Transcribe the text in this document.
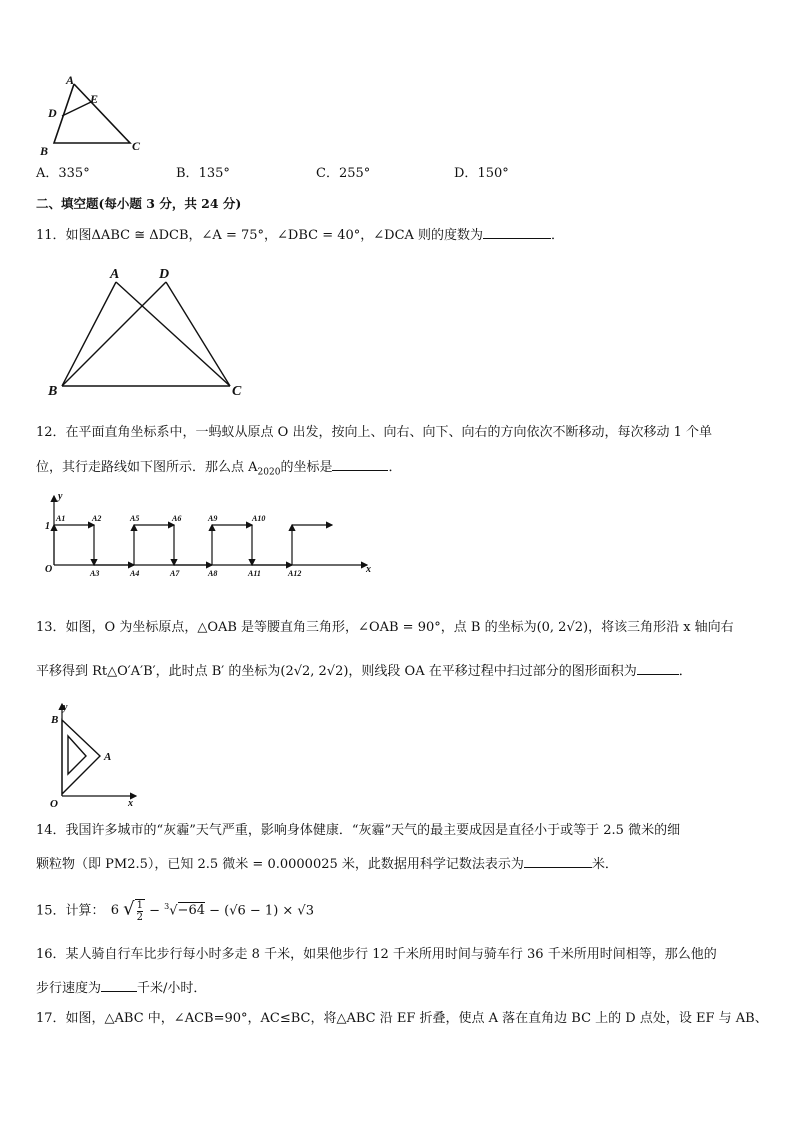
A
D
E
B	C
A．335°	B．135°	C．255°	D．150°
二、填空题(每小题 3 分，共 24 分)
11．如图ΔABC ≅ ΔDCB，∠A = 75°，∠DBC = 40°，∠DCA 则的度数为	．
A	D
B	C
12．在平面直角坐标系中，一蚂蚁从原点 O 出发，按向上、向右、向下、向右的方向依次不断移动，每次移动 1 个单
位，其行走路线如下图所示．那么点 $A_{2020}$的坐标是	．
y
x
O
1
A1	A2	A5	A6	A9	A10
A3	A4	A7	A8	A11	A12
13．如图，O 为坐标原点，△OAB 是等腰直角三角形，∠OAB = 90°，点 B 的坐标为(0, 2√2)，将该三角形沿 x 轴向右
平移得到 Rt△O′A′B′，此时点 B′ 的坐标为(2√2, 2√2)，则线段 OA 在平移过程中扫过部分的图形面积为	．
y
x
B
A
O
14．我国许多城市的“灰霾”天气严重，影响身体健康．“灰霾”天气的最主要成因是直径小于或等于 2.5 微米的细
颗粒物（即 PM2.5），已知 2.5 微米 = 0.0000025 米，此数据用科学记数法表示为	米．
15．计算： 6 √ $\frac{1}{2} - ^3√-64 - (√6 - 1) \times √3$
16．某人骑自行车比步行每小时多走 8 千米，如果他步行 12 千米所用时间与骑车行 36 千米所用时间相等，那么他的
步行速度为	千米/小时．
17．如图，△ABC 中，∠ACB=90°，AC≤BC，将△ABC 沿 EF 折叠，使点 A 落在直角边 BC 上的 D 点处，设 EF 与 AB、
